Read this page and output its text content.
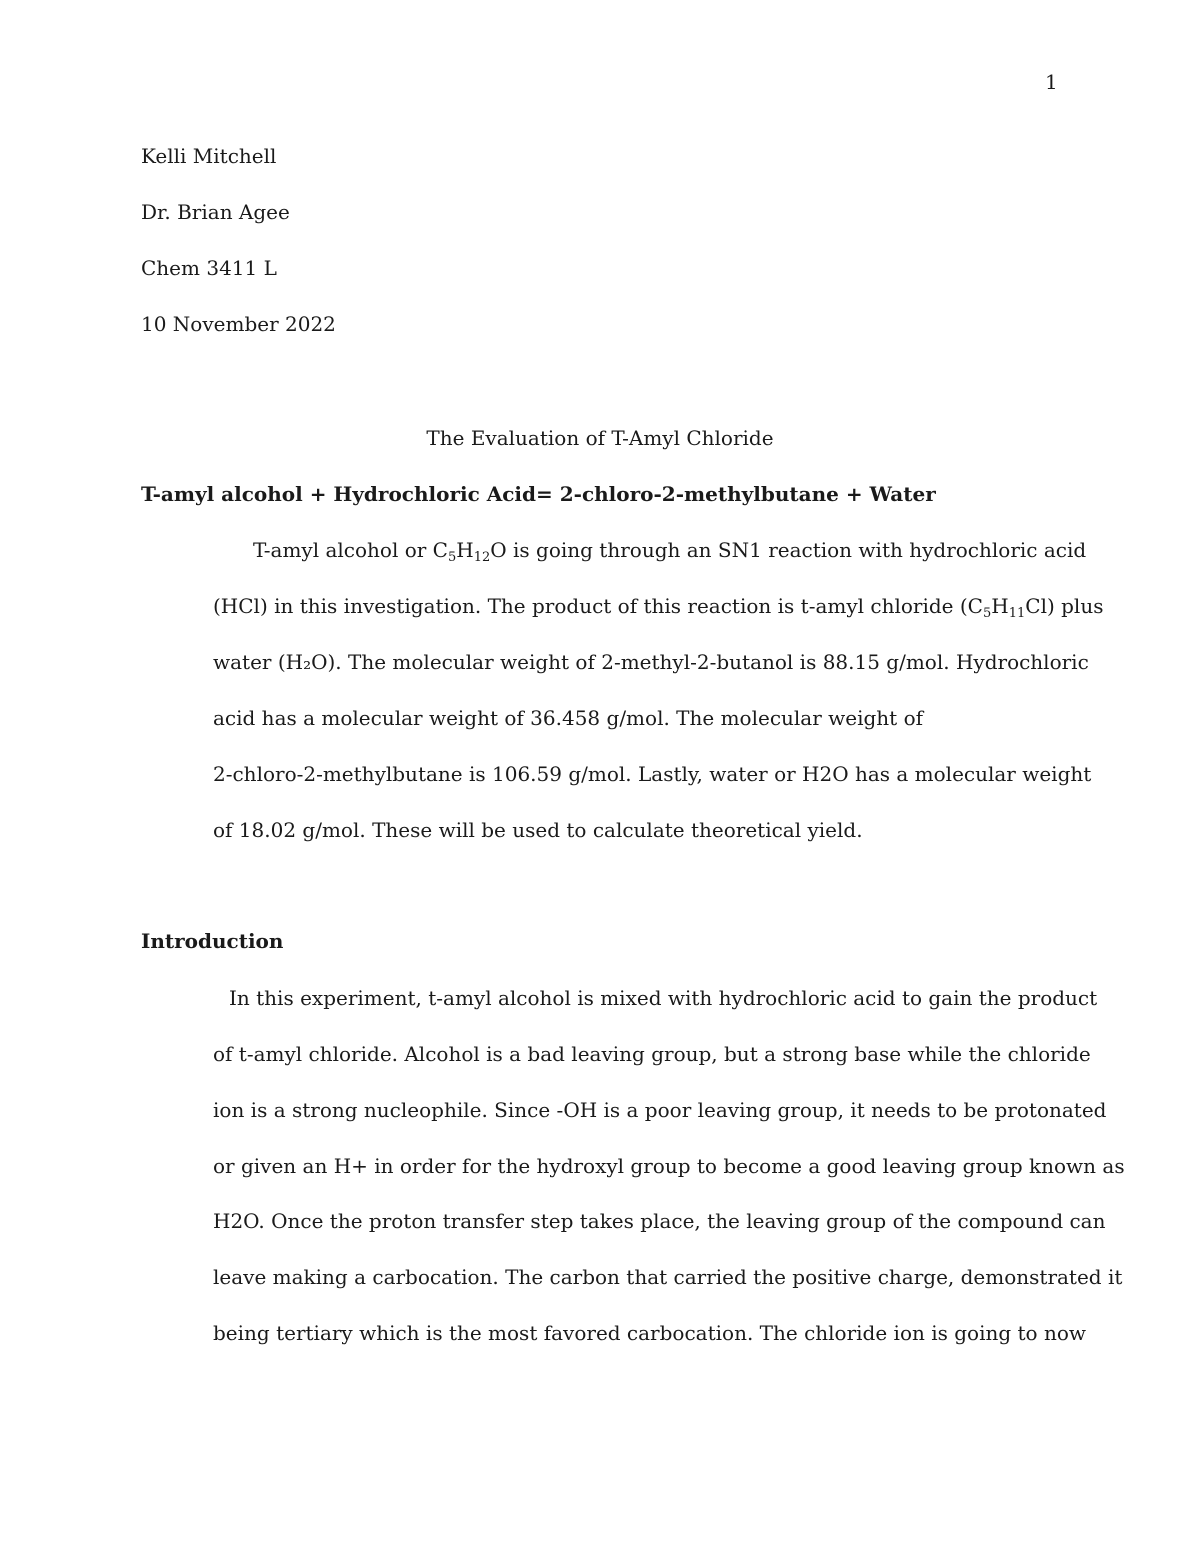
1
Kelli Mitchell
Dr. Brian Agee
Chem 3411 L
10 November 2022
The Evaluation of T-Amyl Chloride
T-amyl alcohol + Hydrochloric Acid= 2-chloro-2-methylbutane + Water
T-amyl alcohol or $C_5H_{12}O$ is going through an SN1 reaction with hydrochloric acid
(HCl) in this investigation. The product of this reaction is t-amyl chloride $(C_5H_{11}Cl)$ plus
water (H₂O). The molecular weight of 2-methyl-2-butanol is 88.15 g/mol. Hydrochloric
acid has a molecular weight of 36.458 g/mol. The molecular weight of
2-chloro-2-methylbutane is 106.59 g/mol. Lastly, water or H2O has a molecular weight
of 18.02 g/mol. These will be used to calculate theoretical yield.
Introduction
In this experiment, t-amyl alcohol is mixed with hydrochloric acid to gain the product
of t-amyl chloride. Alcohol is a bad leaving group, but a strong base while the chloride
ion is a strong nucleophile. Since -OH is a poor leaving group, it needs to be protonated
or given an H+ in order for the hydroxyl group to become a good leaving group known as
H2O. Once the proton transfer step takes place, the leaving group of the compound can
leave making a carbocation. The carbon that carried the positive charge, demonstrated it
being tertiary which is the most favored carbocation. The chloride ion is going to now
